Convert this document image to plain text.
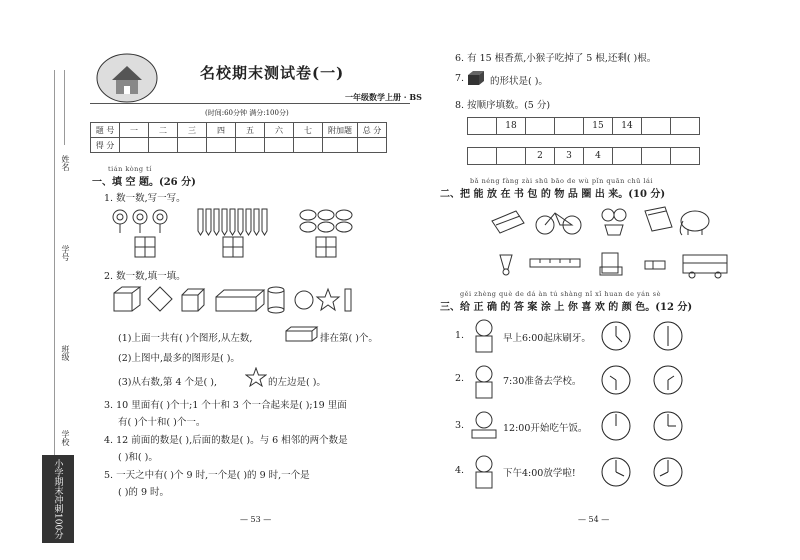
姓名
学号
班级
学校
小学期末冲刺100分
名校期末测试卷(一)
一年级数学上册 · BS
(时间:60分钟 满分:100分)
题 号	一	二	三	四	五	六	七	附加题	总 分
得 分									
tián kòng tí
一、填 空 题。(26 分)
1. 数一数,写一写。
2. 数一数,填一填。
(1)上面一共有( )个图形,从左数,	排在第( )个。
(2)上图中,最多的图形是( )。
(3)从右数,第 4 个是( ),	的左边是( )。
3. 10 里面有( )个十;1 个十和 3 个一合起来是( );19 里面
有( )个十和( )个一。
4. 12 前面的数是( ),后面的数是( )。与 6 相邻的两个数是
( )和( )。
5. 一天之中有( )个 9 时,一个是( )的 9 时,一个是
( )的 9 时。
— 53 —
6. 有 15 根香蕉,小猴子吃掉了 5 根,还剩( )根。
7.	的形状是( )。
8. 按顺序填数。(5 分)
	18			15	14		
		2	3	4			
bǎ néng fàng zài shū bāo de wù pǐn quān chū lái
二、把 能 放 在 书 包 的 物 品 圈 出 来。(10 分)
gěi zhèng què de dá àn tú shàng nǐ xǐ huan de yán sè
三、给 正 确 的 答 案 涂 上 你 喜 欢 的 颜 色。(12 分)
1.	早上6:00起床刷牙。
2.	7:30准备去学校。
3.	12:00开始吃午饭。
4.	下午4:00放学啦!
— 54 —
